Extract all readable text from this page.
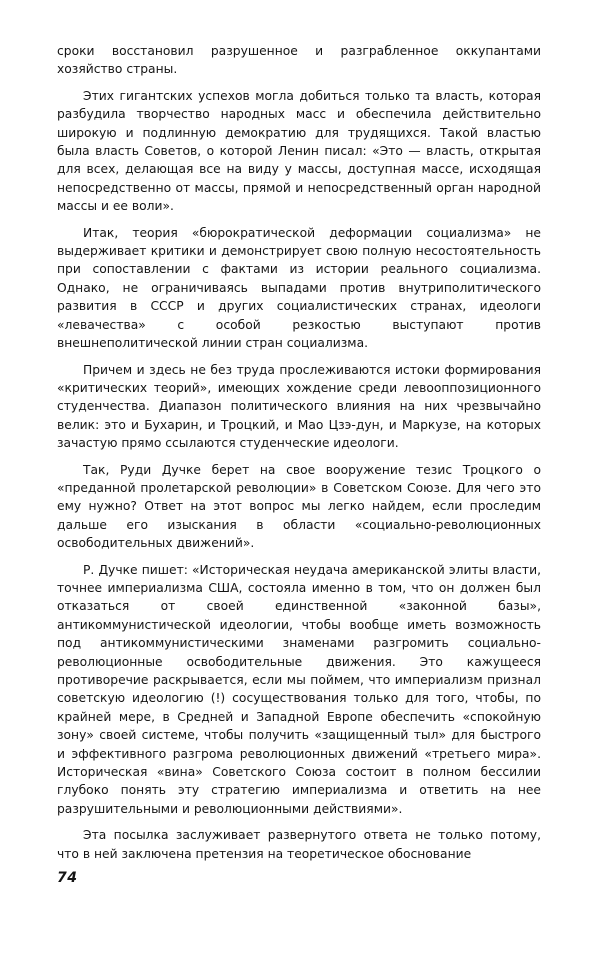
сроки восстановил разрушенное и разграбленное оккупантами хозяйство страны.

Этих гигантских успехов могла добиться только та власть, которая разбудила творчество народных масс и обеспечила действительно широкую и подлинную демократию для трудящихся. Такой властью была власть Советов, о которой Ленин писал: «Это — власть, открытая для всех, делающая все на виду у массы, доступная массе, исходящая непосредственно от массы, прямой и непосредственный орган народной массы и ее воли».

Итак, теория «бюрократической деформации социализма» не выдерживает критики и демонстрирует свою полную несостоятельность при сопоставлении с фактами из истории реального социализма. Однако, не ограничиваясь выпадами против внутриполитического развития в СССР и других социалистических странах, идеологи «левачества» с особой резкостью выступают против внешнеполитической линии стран социализма.

Причем и здесь не без труда прослеживаются истоки формирования «критических теорий», имеющих хождение среди левооппозиционного студенчества. Диапазон политического влияния на них чрезвычайно велик: это и Бухарин, и Троцкий, и Мао Цзэ-дун, и Маркузе, на которых зачастую прямо ссылаются студенческие идеологи.

Так, Руди Дучке берет на свое вооружение тезис Троцкого о «преданной пролетарской революции» в Советском Союзе. Для чего это ему нужно? Ответ на этот вопрос мы легко найдем, если проследим дальше его изыскания в области «социально-революционных освободительных движений».

Р. Дучке пишет: «Историческая неудача американской элиты власти, точнее империализма США, состояла именно в том, что он должен был отказаться от своей единственной «законной базы», антикоммунистической идеологии, чтобы вообще иметь возможность под антикоммунистическими знаменами разгромить социально-революционные освободительные движения. Это кажущееся противоречие раскрывается, если мы поймем, что империализм признал советскую идеологию (!) сосуществования только для того, чтобы, по крайней мере, в Средней и Западной Европе обеспечить «спокойную зону» своей системе, чтобы получить «защищенный тыл» для быстрого и эффективного разгрома революционных движений «третьего мира». Историческая «вина» Советского Союза состоит в полном бессилии глубоко понять эту стратегию империализма и ответить на нее разрушительными и революционными действиями».

Эта посылка заслуживает развернутого ответа не только потому, что в ней заключена претензия на теоретическое обоснование

74
